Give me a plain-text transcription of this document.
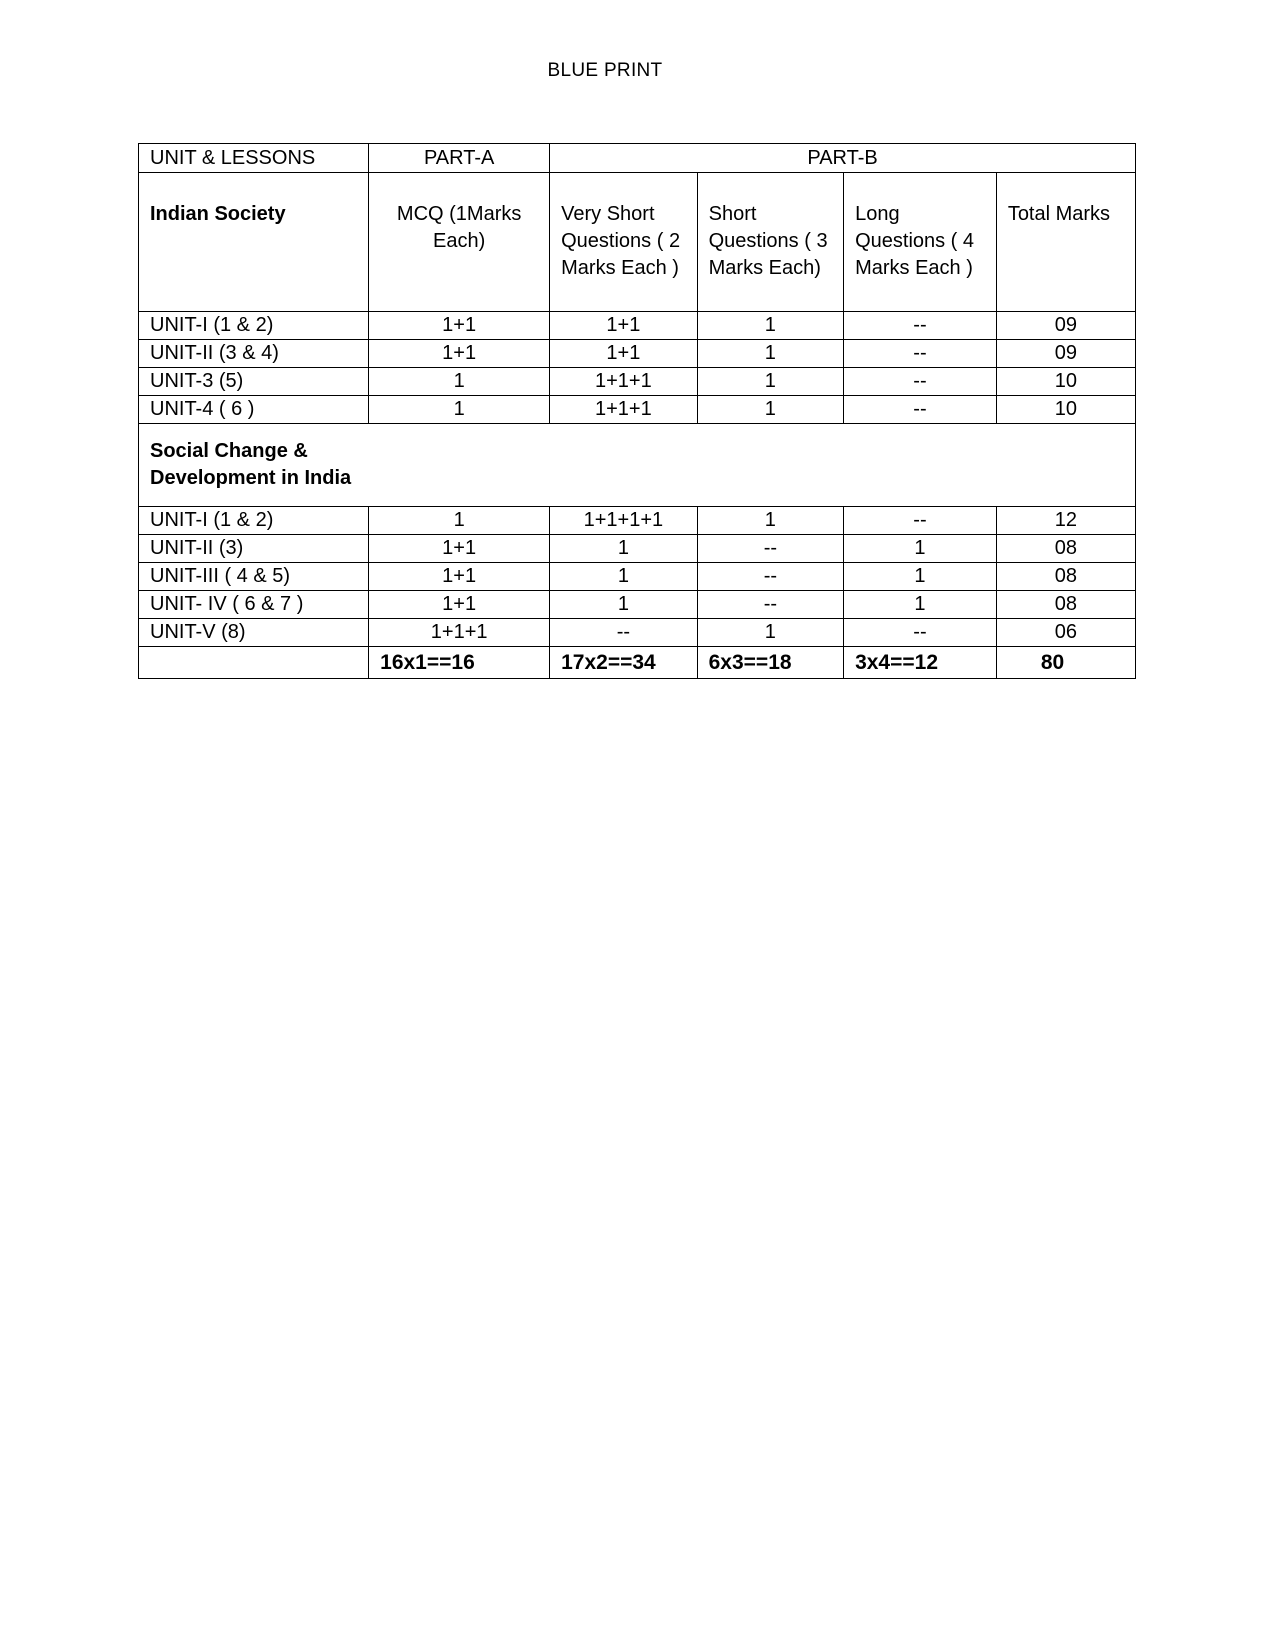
BLUE PRINT
UNIT & LESSONS	PART-A	PART-B			
Indian Society	MCQ (1Marks Each)	Very Short Questions ( 2 Marks Each )	Short Questions ( 3 Marks Each)	Long Questions ( 4 Marks Each )	Total Marks
UNIT-I (1 & 2)	1+1	1+1	1	--	09
UNIT-II (3 & 4)	1+1	1+1	1	--	09
UNIT-3 (5)	1	1+1+1	1	--	10
UNIT-4 ( 6 )	1	1+1+1	1	--	10
Social Change & Development in India					
UNIT-I (1 & 2)	1	1+1+1+1	1	--	12
UNIT-II (3)	1+1	1	--	1	08
UNIT-III ( 4 & 5)	1+1	1	--	1	08
UNIT- IV ( 6 & 7 )	1+1	1	--	1	08
UNIT-V (8)	1+1+1	--	1	--	06
	16x1==16	17x2==34	6x3==18	3x4==12	80
